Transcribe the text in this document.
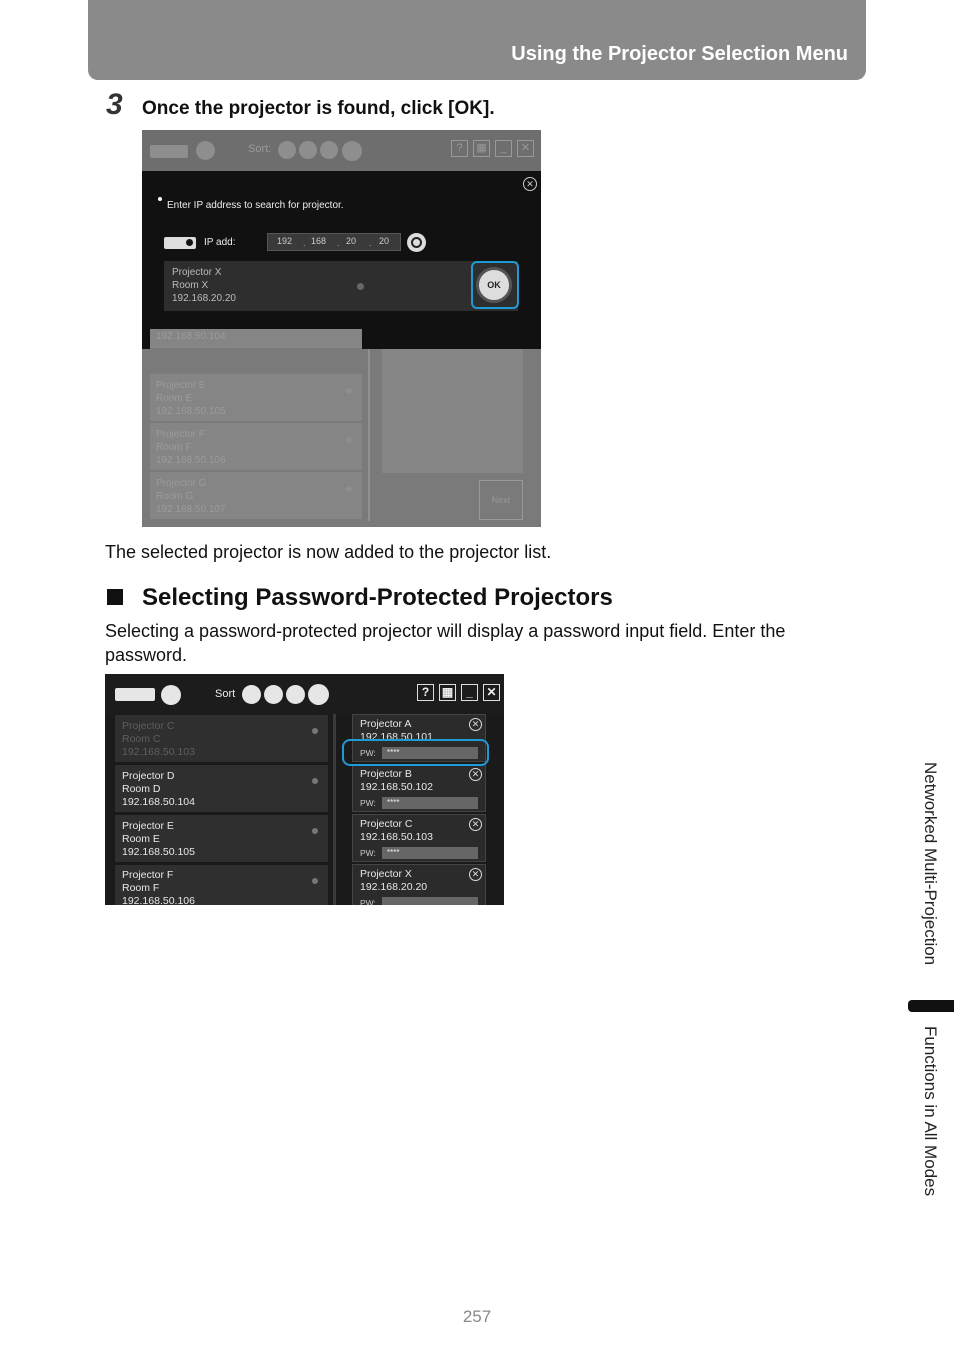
Using the Projector Selection Menu
3 Once the projector is found, click [OK].
Sort:	?	▦	_	✕
✕
Enter IP address to search for projector.
IP add:	192 . 168 . 20 . 20
Projector X
Room X
192.168.20.20
OK
192.168.50.104
Projector E
Room E
192.168.50.105
Projector F
Room F
192.168.50.106
Projector G
Room G
192.168.50.107
Next
The selected projector is now added to the projector list.
Selecting Password-Protected Projectors
Selecting a password-protected projector will display a password input field. Enter the password.
Sort	?	▦	_	✕
Projector C
Room C
192.168.50.103
Projector D
Room D
192.168.50.104
Projector E
Room E
192.168.50.105
Projector F
Room F
192.168.50.106
Projector A
192.168.50.101
✕
PW:	****
Projector B
192.168.50.102
✕
PW:	****
Projector C
192.168.50.103
✕
PW:	****
Projector X
192.168.20.20
✕
PW:	Networked Multi-Projection
Functions in All Modes
257
